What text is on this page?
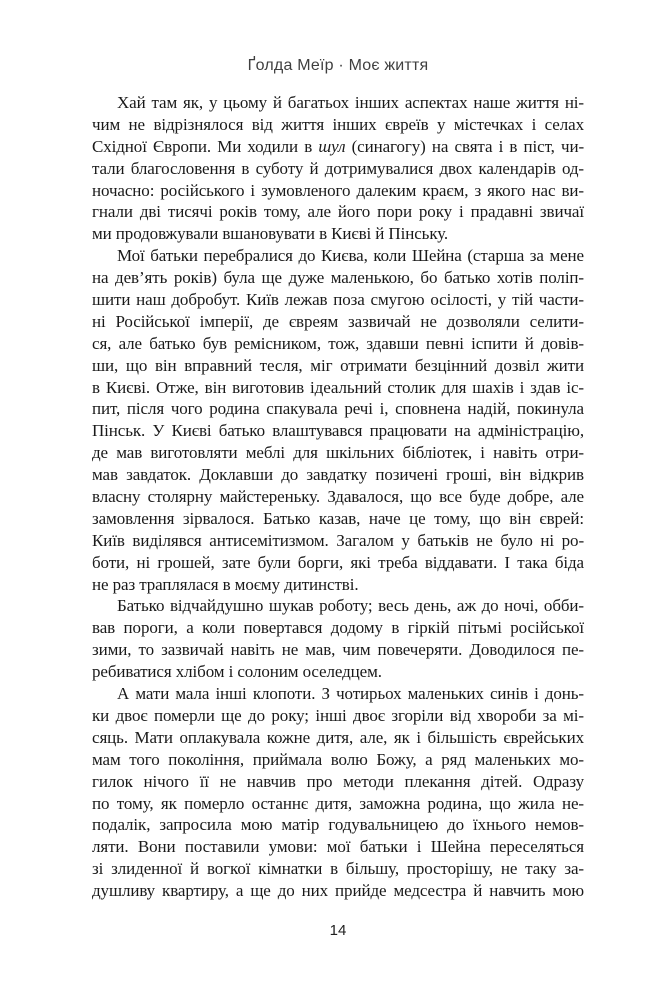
Ґолда Меїр · Моє життя
Хай там як, у цьому й багатьох інших аспектах наше життя ні-
чим не відрізнялося від життя інших євреїв у містечках і селах
Східної Європи. Ми ходили в шул (синагогу) на свята і в піст, чи-
тали благословення в суботу й дотримувалися двох календарів од-
ночасно: російського і зумовленого далеким краєм, з якого нас ви-
гнали дві тисячі років тому, але його пори року і прадавні звичаї
ми продовжували вшановувати в Києві й Пінську.
Мої батьки перебралися до Києва, коли Шейна (старша за мене
на дев’ять років) була ще дуже маленькою, бо батько хотів поліп-
шити наш добробут. Київ лежав поза смугою осілості, у тій части-
ні Російської імперії, де євреям зазвичай не дозволяли селити-
ся, але батько був ремісником, тож, здавши певні іспити й довів-
ши, що він вправний тесля, міг отримати безцінний дозвіл жити
в Києві. Отже, він виготовив ідеальний столик для шахів і здав іс-
пит, після чого родина спакувала речі і, сповнена надій, покинула
Пінськ. У Києві батько влаштувався працювати на адміністрацію,
де мав виготовляти меблі для шкільних бібліотек, і навіть отри-
мав завдаток. Доклавши до завдатку позичені гроші, він відкрив
власну столярну майстереньку. Здавалося, що все буде добре, але
замовлення зірвалося. Батько казав, наче це тому, що він єврей:
Київ виділявся антисемітизмом. Загалом у батьків не було ні ро-
боти, ні грошей, зате були борги, які треба віддавати. І така біда
не раз траплялася в моєму дитинстві.
Батько відчайдушно шукав роботу; весь день, аж до ночі, обби-
вав пороги, а коли повертався додому в гіркій пітьмі російської
зими, то зазвичай навіть не мав, чим повечеряти. Доводилося пе-
ребиватися хлібом і солоним оселедцем.
А мати мала інші клопоти. З чотирьох маленьких синів і донь-
ки двоє померли ще до року; інші двоє згоріли від хвороби за мі-
сяць. Мати оплакувала кожне дитя, але, як і більшість єврейських
мам того покоління, приймала волю Божу, а ряд маленьких мо-
гилок нічого її не навчив про методи плекання дітей. Одразу
по тому, як померло останнє дитя, заможна родина, що жила не-
подалік, запросила мою матір годувальницею до їхнього немов-
ляти. Вони поставили умови: мої батьки і Шейна переселяться
зі злиденної й вогкої кімнатки в більшу, просторішу, не таку за-
душливу квартиру, а ще до них прийде медсестра й навчить мою
14
